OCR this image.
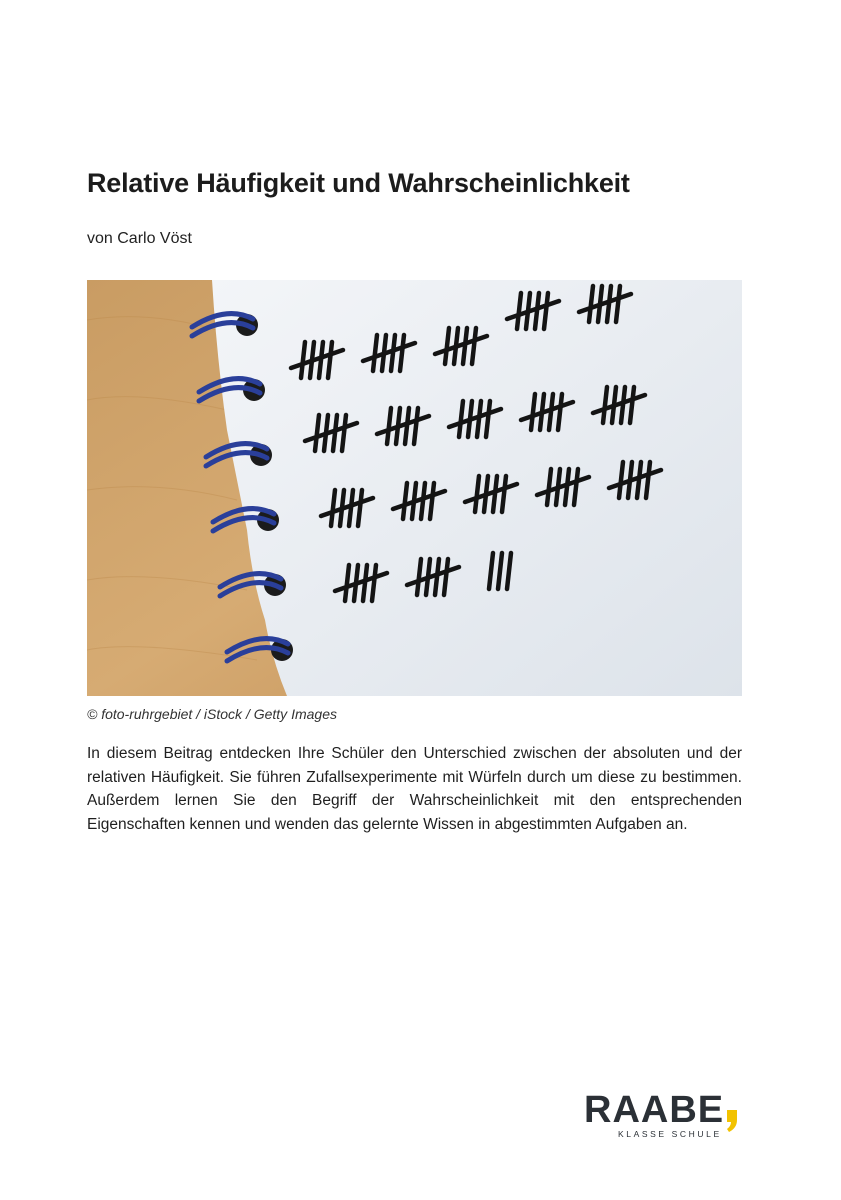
Relative Häufigkeit und Wahrscheinlichkeit
von Carlo Vöst
© foto-ruhrgebiet / iStock / Getty Images

In diesem Beitrag entdecken Ihre Schüler den Unterschied zwischen der absoluten und der relativen Häufigkeit. Sie führen Zufallsexperimente mit Würfeln durch um diese zu bestimmen. Außerdem lernen Sie den Begriff der Wahrscheinlichkeit mit den entsprechenden Eigenschaften kennen und wenden das gelernte Wissen in abgestimmten Aufgaben an.

RAABE
KLASSE SCHULE
